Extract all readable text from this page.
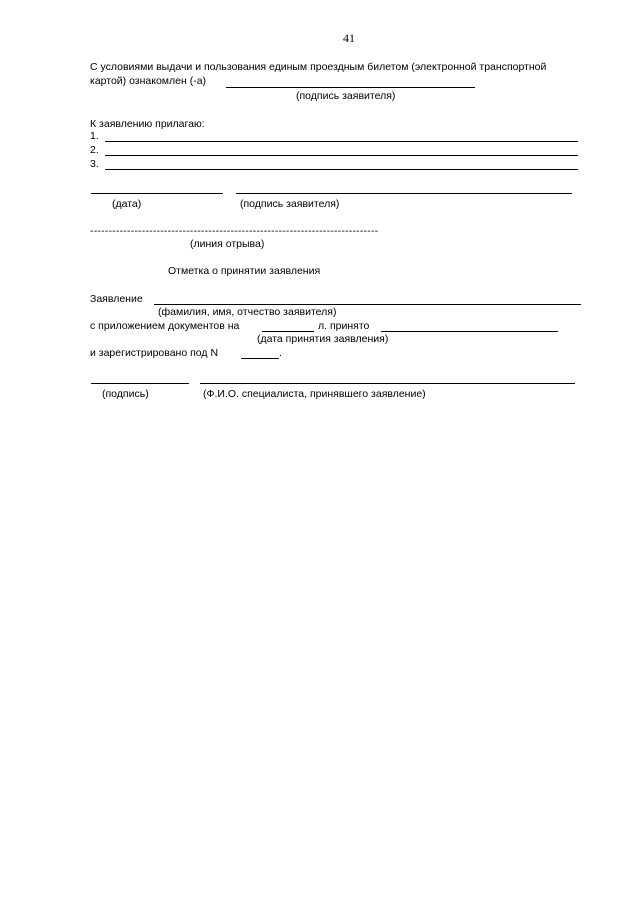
41
С условиями выдачи и пользования единым проездным билетом (электронной транспортной
картой) ознакомлен (-а)
(подпись заявителя)
К заявлению прилагаю:
1.
2.
3.
(дата)	(подпись заявителя)
------------------------------------------------------------------------------
(линия отрыва)
Отметка о принятии заявления
Заявление
(фамилия, имя, отчество заявителя)
с приложением документов на	л. принято
(дата принятия заявления)
и зарегистрировано под N	.
(подпись)	(Ф.И.О. специалиста, принявшего заявление)
